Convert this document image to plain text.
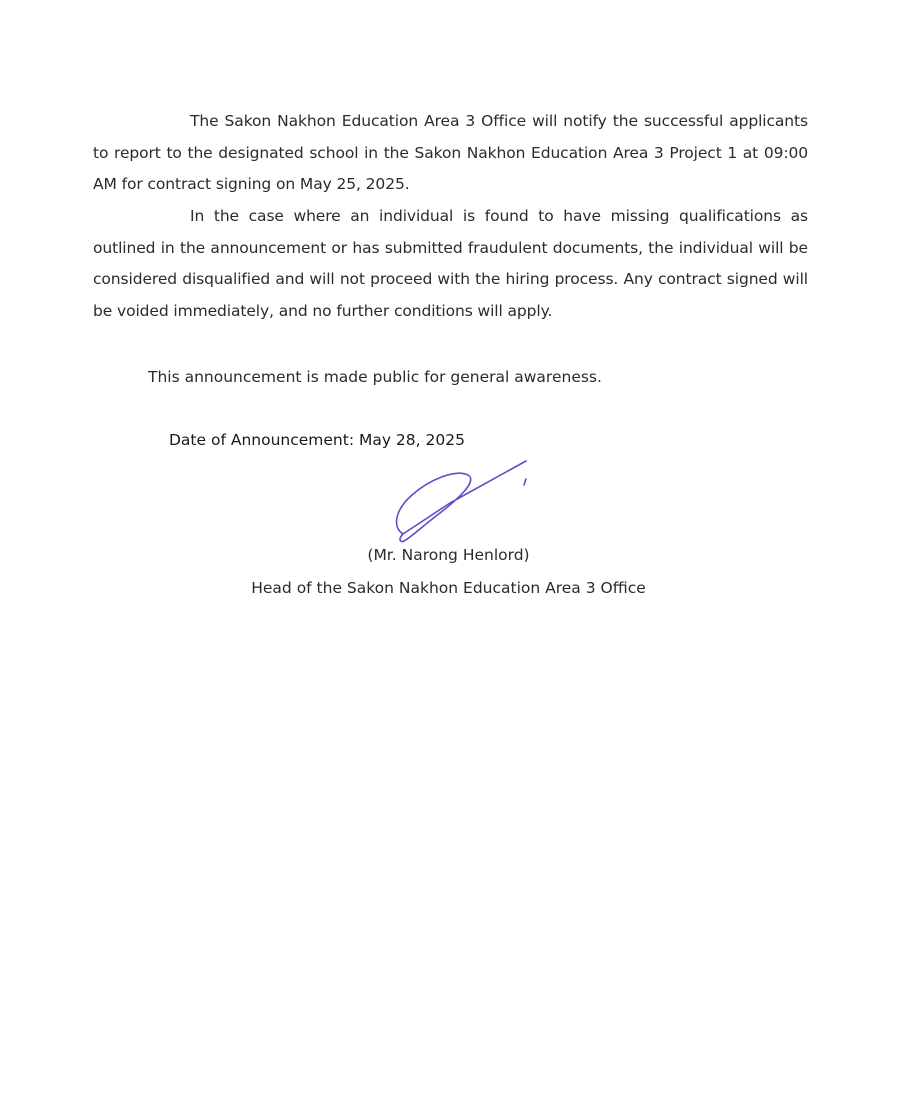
The Sakon Nakhon Education Area 3 Office will notify the successful applicants to report to the designated school in the Sakon Nakhon Education Area 3 Project 1 at 09:00 AM for contract signing on May 25, 2025.

In the case where an individual is found to have missing qualifications as outlined in the announcement or has submitted fraudulent documents, the individual will be considered disqualified and will not proceed with the hiring process. Any contract signed will be voided immediately, and no further conditions will apply.

This announcement is made public for general awareness.

Date of Announcement: May 28, 2025

(Mr. Narong Henlord)

Head of the Sakon Nakhon Education Area 3 Office
